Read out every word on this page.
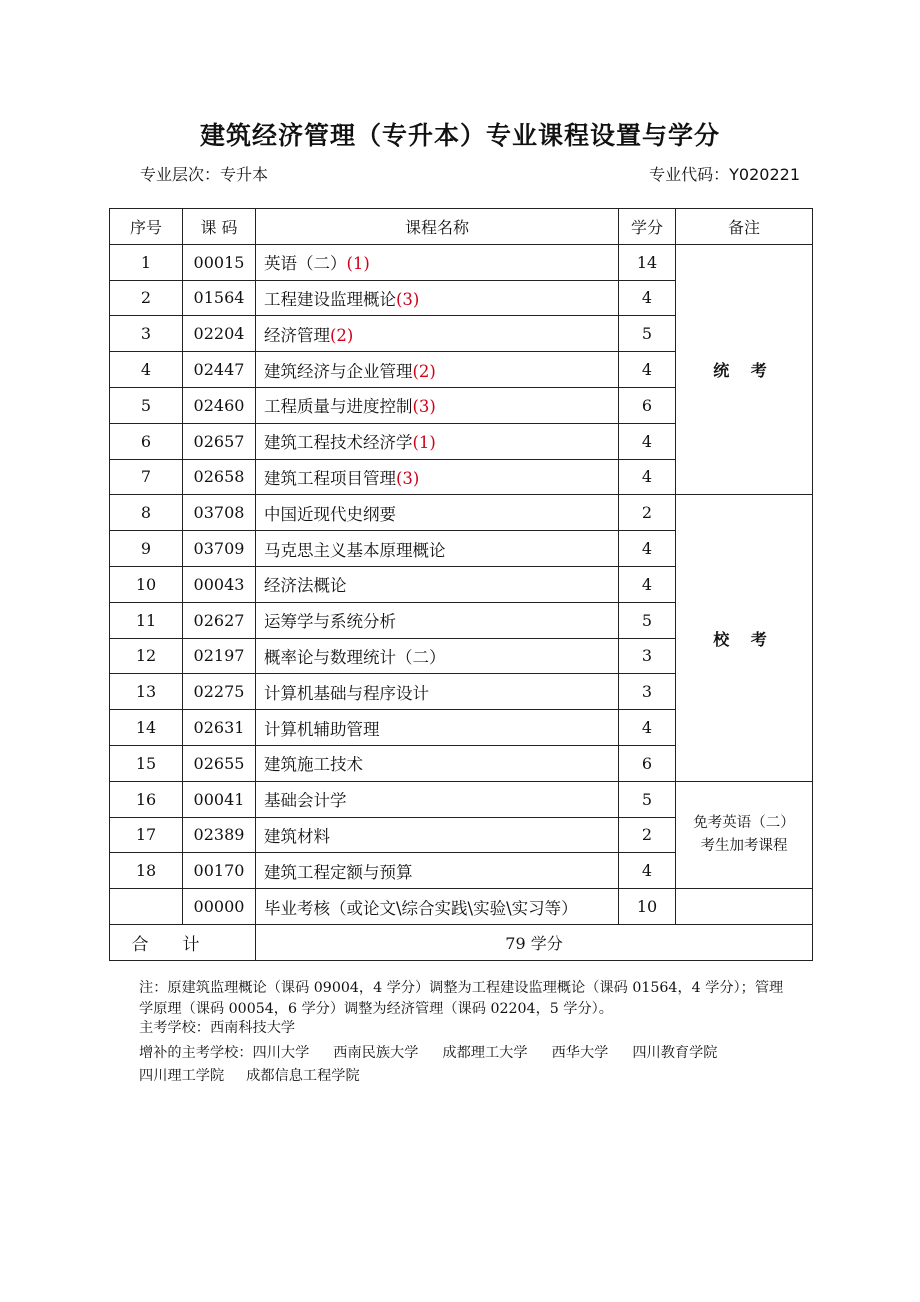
建筑经济管理（专升本）专业课程设置与学分
专业层次：专升本	专业代码：Y020221
序号	课 码	课程名称	学分	备注
1	00015	英语（二）(1)	14	统 考
2	01564	工程建设监理概论(3)	4	
3	02204	经济管理(2)	5	
4	02447	建筑经济与企业管理(2)	4	
5	02460	工程质量与进度控制(3)	6	
6	02657	建筑工程技术经济学(1)	4	
7	02658	建筑工程项目管理(3)	4	
8	03708	中国近现代史纲要	2	校 考
9	03709	马克思主义基本原理概论	4	
10	00043	经济法概论	4	
11	02627	运筹学与系统分析	5	
12	02197	概率论与数理统计（二）	3	
13	02275	计算机基础与程序设计	3	
14	02631	计算机辅助管理	4	
15	02655	建筑施工技术	6	
16	00041	基础会计学	5	免考英语（二）
考生加考课程

17	02389	建筑材料	2	
18	00170	建筑工程定额与预算	4	
	00000	毕业考核（或论文\综合实践\实验\实习等）	10	
合计		79 学分		
注：原建筑监理概论（课码 09004，4 学分）调整为工程建设监理概论（课码 01564，4 学分）；管理学原理（课码 00054，6 学分）调整为经济管理（课码 02204，5 学分）。
主考学校：西南科技大学
增补的主考学校：四川大学 西南民族大学 成都理工大学 西华大学 四川教育学院
四川理工学院 成都信息工程学院
